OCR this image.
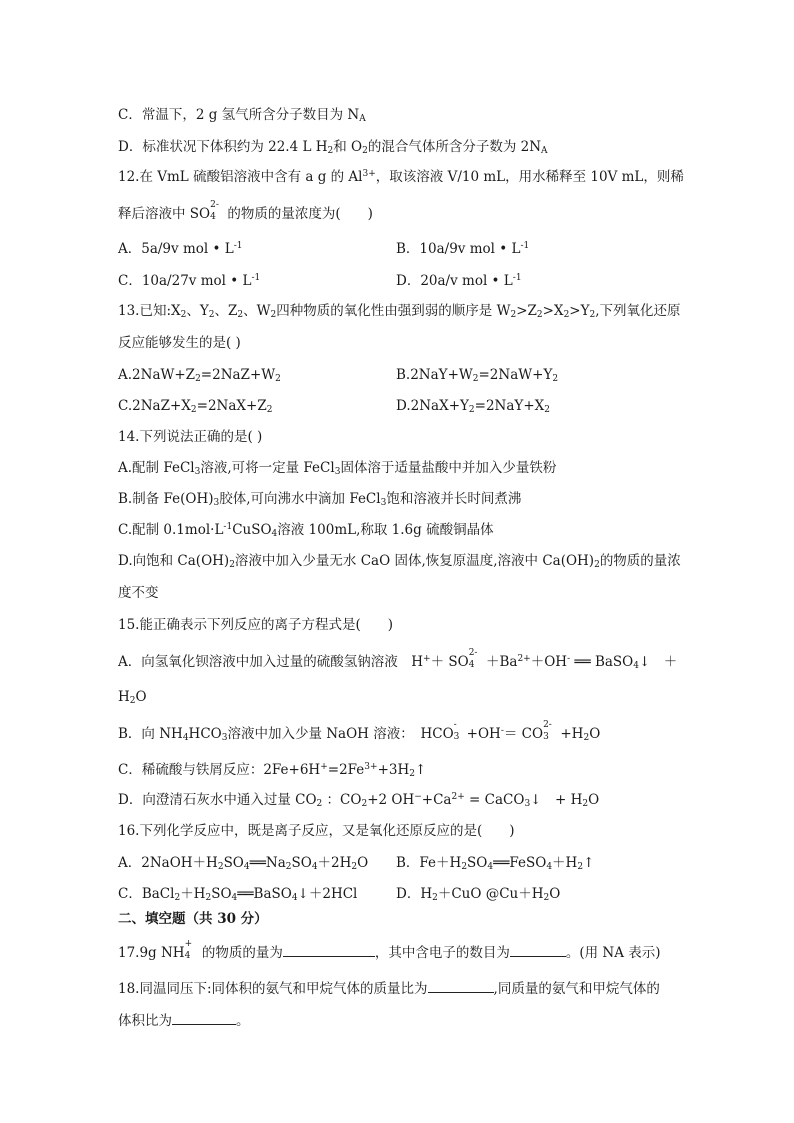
C．常温下，2 g 氢气所含分子数目为 $N_A$
D．标准状况下体积约为 22.4 L $H_2$和 $O_2$的混合气体所含分子数为 $2N_A$
12.在 VmL 硫酸铝溶液中含有 a g 的 $Al^{3+}$，取该溶液 V/10 mL，用水稀释至 10V mL，则稀
释后溶液中 SO
2-
4 的物质的量浓度为(　　)
A．5a/9v mol • $L^{-1}$	B．10a/9v mol • $L^{-1}$
C．10a/27v mol • $L^{-1}$	D．20a/v mol • $L^{-1}$
13.已知$:X_2$、$Y_2$、$Z_2$、$W_2$四种物质的氧化性由强到弱的顺序是 $W_2>Z_2>X_2>Y_2$,下列氧化还原
反应能够发生的是( )
$A.2NaW+Z_2=2NaZ+W_2$	$B.2NaY+W_2=2NaW+Y_2$
$C.2NaZ+X_2=2NaX+Z_2$	$D.2NaX+Y_2=2NaY+X_2$
14.下列说法正确的是( )
A.配制 FeCl$_3$溶液,可将一定量 FeCl$_3$固体溶于适量盐酸中并加入少量铁粉
B.制备 $Fe(OH)_3$胶体,可向沸水中滴加 FeCl$_3$饱和溶液并长时间煮沸
C.配制 $0.1mol\cdot L^{-1}CuSO_4$溶液 100mL,称取 1.6g 硫酸铜晶体
D.向饱和 $Ca(OH)_2$溶液中加入少量无水 CaO 固体,恢复原温度,溶液中 $Ca(OH)_2$的物质的量浓
度不变
15.能正确表示下列反应的离子方程式是(　　)
A．向氢氧化钡溶液中加入过量的硫酸氢钠溶液　H+＋ SO
2-
$4 +Ba^{2+}+OH^-$ ══ BaSO$_4$↓　＋
$H_2O$
B．向 $NH_4HCO_3$溶液中加入少量 NaOH 溶液：　HCO
-
3 +OH-＝ CO
2-
$3 +H_2O$
C．稀硫酸与铁屑反应：$2Fe+6H^+=2Fe^{3+}+3H_2↑$
D．向澄清石灰水中通入过量 $CO_2$ ：$CO_2+2$ $OH^-+Ca^{2+}$ = CaCO$_3$↓　+ $H_2O$
16.下列化学反应中，既是离子反应，又是氧化还原反应的是(　　)
A．$2NaOH+H_2SO_4══Na_2SO_4+2H_2O$ B．$Fe+H_2SO_4══FeSO_4+H_2↑$
C．$BaCl_2+H_2SO_4══BaSO_4↓+2HCl$	D．$H_2+CuO$ $@Cu+H_2O$
二、填空题（共 30 分）
17.9g NH
+
4 的物质的量为	，其中含电子的数目为	。(用 NA 表示)
18.同温同压下:同体积的氨气和甲烷气体的质量比为	,同质量的氨气和甲烷气体的
体积比为	。
